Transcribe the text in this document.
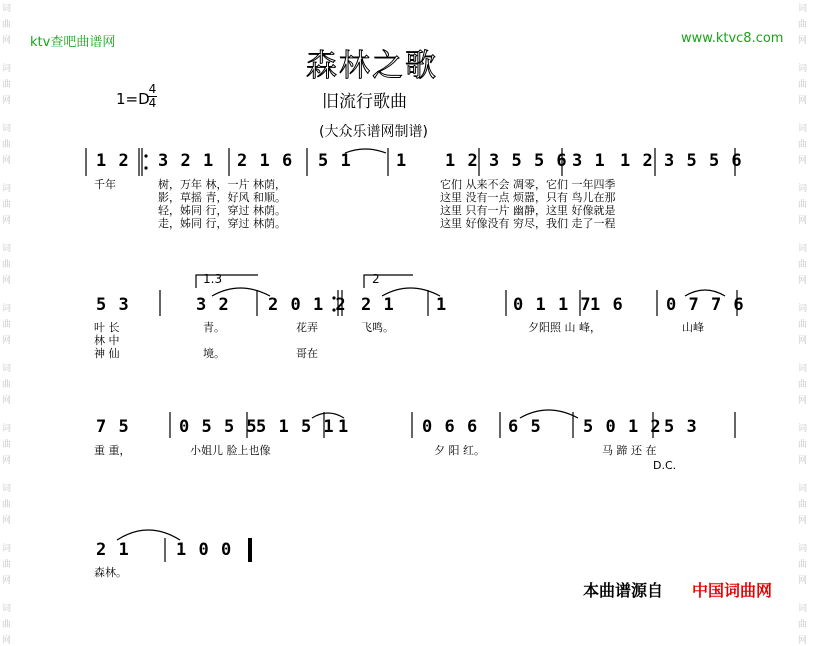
词
曲
网
词
曲
网
词
曲
网
词
曲
网
词
曲
网
词
曲
网
词
曲
网
词
曲
网
词
曲
网
词
曲
网
词
曲
网
词
曲
网
词
曲
网
词
曲
网
词
曲
网
词
曲
网
词
曲
网
词
曲
网
词
曲
网
词
曲
网
词
曲
网
词
曲
网
ktv查吧曲谱网	www.ktvc8.com
森林之歌
旧流行歌曲
(大众乐谱网制谱)
1=D
4
4
1 2 3 2 1 2 1 6 5 1	1 1 2 3 5 5 6 3 1 1 2 3 5 5 6
千年	树，万年 林，一片 林荫，
影，草摇 青，好风 和顺。
轻，姊同 行，穿过 林荫。
走，姊同 行，穿过 林荫。
它们 从来不会 凋零，它们 一年四季
这里 没有一点 烦嚣，只有 鸟儿在那
这里 只有一片 幽静，这里 好像就是
这里 好像没有 穷尽，我们 走了一程
1.3	2
5 3	3 2 2 0 1 2 2 1 1	0 1 1 7
1 6 0 7 7 6
叶 长
林 中
神 仙
青。
境。
花弄
哥在
飞鸣。	夕阳照 山 峰，	山峰
7 5	0 5 5 5
5 1 5 1 1	0 6 6 6 5 5 0 1 2 5 3
重 重，	小姐儿 脸上也像	夕 阳 红。	马 蹄 还 在
D.C.
2 1	1 0 0
森林。
本曲谱源自 中国词曲网
